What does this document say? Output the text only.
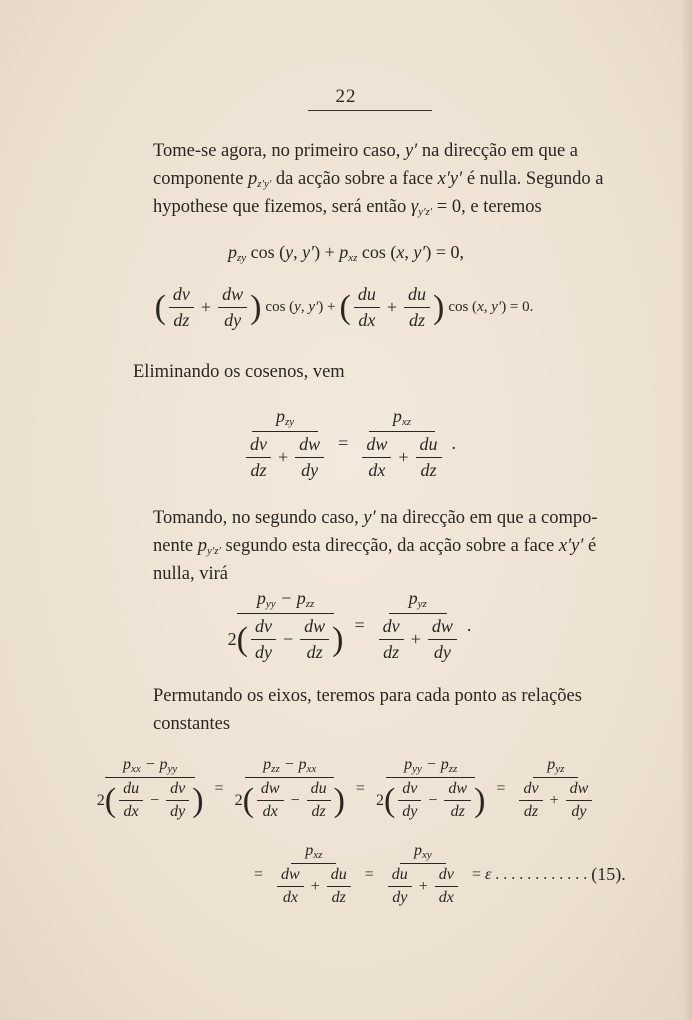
22
Tome-se agora, no primeiro caso, y′ na direcção em que a
componente $p_{z'y'}$ da acção sobre a face x′y′ é nulla. Segundo a
hypothese que fizemos, será então $\gamma_{y'z'} = 0$, e teremos
$p_{zy}$ cos (y, $y') + p_{xz}$ cos (x, y′) = 0,
( $\frac{dv}{dz} + \frac{dw}{dy}$ ) cos (y, y′) + ( $\frac{du}{dx} + \frac{du}{dz}$ ) cos (x, y′) = 0.
Eliminando os cosenos, vem
$\frac{p_{zy}}{\frac{dv}{dz} + \frac{dw}{dy}} = \frac{p_{xz}}{\frac{dw}{dx} + \frac{du}{dz}}$ .
Tomando, no segundo caso, y′ na direcção em que a compo-
nente $p_{y'z'}$ segundo esta direcção, da acção sobre a face x′y′ é
nulla, virá
$\frac{p_{yy} - p_{zz}}{2 ( \frac{dv}{dy} - \frac{dw}{dz} )} = \frac{p_{yz}}{\frac{dv}{dz} + \frac{dw}{dy}}$ .
Permutando os eixos, teremos para cada ponto as relações
constantes
$\frac{p_{xx} - p_{yy}}{2 ( \frac{du}{dx} - \frac{dv}{dy} )} = \frac{p_{zz} - p_{xx}}{2 ( \frac{dw}{dx} - \frac{du}{dz} )} = \frac{p_{yy} - p_{zz}}{2 ( \frac{dv}{dy} - \frac{dw}{dz} )} = \frac{p_{yz}}{\frac{dv}{dz} + \frac{dw}{dy}}$
= $\frac{p_{xz}}{\frac{dw}{dx} + \frac{du}{dz}} = \frac{p_{xy}}{\frac{du}{dy} + \frac{dv}{dx}} = \varepsilon$ . . . . . . . . . . . . (15).
